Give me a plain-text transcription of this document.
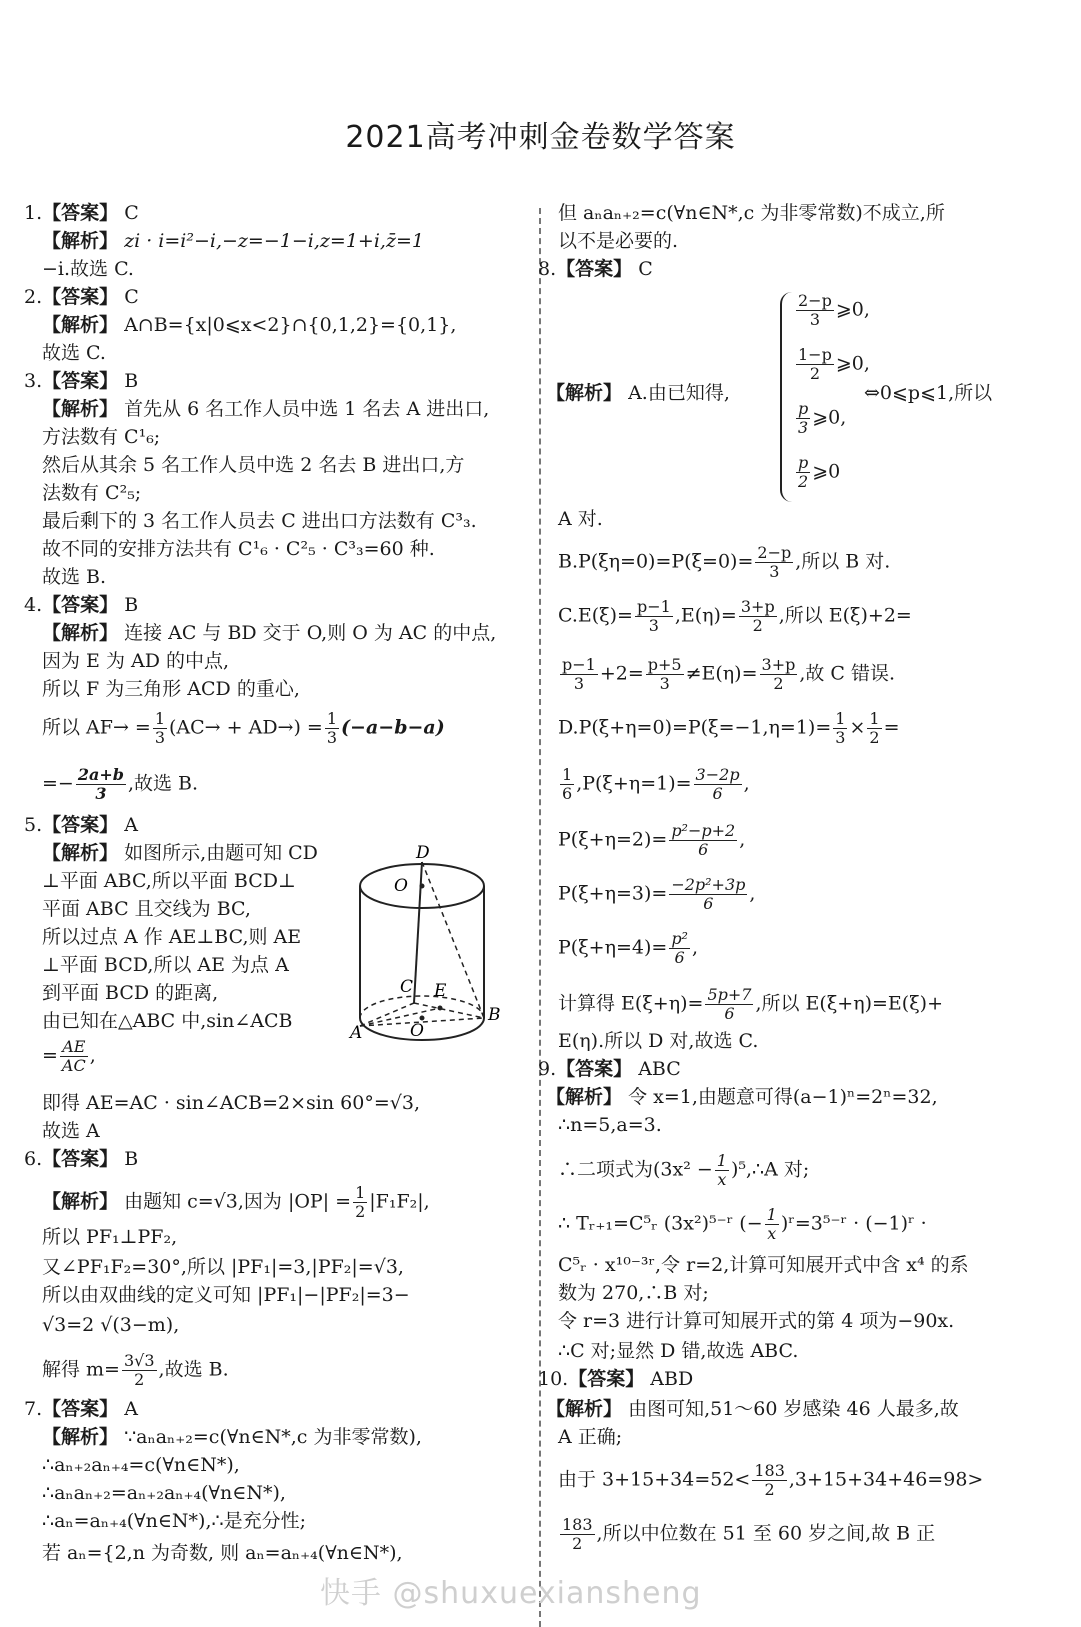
2021高考冲刺金卷数学答案
1.【答案】 C
【解析】 zi · i=i²−i,−z=−1−i,z=1+i,z̄=1
−i.故选 C.
2.【答案】 C
【解析】 A∩B={x|0⩽x<2}∩{0,1,2}={0,1},
故选 C.
3.【答案】 B
【解析】 首先从 6 名工作人员中选 1 名去 A 进出口,
方法数有 C¹₆;
然后从其余 5 名工作人员中选 2 名去 B 进出口,方
法数有 C²₅;
最后剩下的 3 名工作人员去 C 进出口方法数有 C³₃.
故不同的安排方法共有 C¹₆ · C²₅ · C³₃=60 种.
故选 B.
4.【答案】 B
【解析】 连接 AC 与 BD 交于 O,则 O 为 AC 的中点,
因为 E 为 AD 的中点,
所以 F 为三角形 ACD 的重心,
所以 $AF\to = \frac{1}{3} (AC\to + AD\to) = \frac{1}{3} (-a-b-a)$
=− $\frac{2a+b}{3}$ ,故选 B.
5.【答案】 A
【解析】 如图所示,由题可知 CD
⊥平面 ABC,所以平面 BCD⊥
平面 ABC 且交线为 BC,
所以过点 A 作 AE⊥BC,则 AE
⊥平面 BCD,所以 AE 为点 A
到平面 BCD 的距离,
由已知在△ABC 中,sin∠ACB
= $\frac{AE}{AC}$ ,
即得 AE=AC · sin∠ACB=2×sin 60°=√3,
故选 A
D
O
C E
B
A	O
6.【答案】 B
【解析】 由题知 c=√3,因为 $|OP| = \frac{1}{2} |F_1F_2|$,
所以 PF₁⊥PF₂,
又∠PF₁F₂=30°,所以 |PF₁|=3,|PF₂|=√3,
所以由双曲线的定义可知 |PF₁|−|PF₂|=3−
√3=2 √(3−m),
解得 $m= \frac{3√3}{2}$ ,故选 B.
7.【答案】 A
【解析】 ∵aₙaₙ₊₂=c(∀n∈N*,c 为非零常数),
∴aₙ₊₂aₙ₊₄=c(∀n∈N*),
∴aₙaₙ₊₂=aₙ₊₂aₙ₊₄(∀n∈N*),
∴aₙ=aₙ₊₄(∀n∈N*),∴是充分性;
若 aₙ={2,n 为奇数, 则 aₙ=aₙ₊₄(∀n∈N*),
但 aₙaₙ₊₂=c(∀n∈N*,c 为非零常数)不成立,所
以不是必要的.
8.【答案】 C
$\frac{2-p}{3}$ ⩾0,
$\frac{1-p}{2}$ ⩾0,
$\frac{p}{3}$ ⩾0,
$\frac{p}{2}$ ⩾0
【解析】 A.由已知得,	⇔0⩽p⩽1,所以
A 对.
$B.P(\xi\eta=0)=P(\xi=0)= \frac{2-p}{3}$ ,所以 B 对.
$C.E(\xi)= \frac{p-1}{3} ,E(\eta)= \frac{3+p}{2}$ ,所以 E(ξ)+2=
$\frac{p-1}{3} +2= \frac{p+5}{3} \ne E(\eta)= \frac{3+p}{2}$ ,故 C 错误.
$D.P(\xi+\eta=0)=P(\xi=-1,\eta=1)= \frac{1}{3} \times \frac{1}{2}$ =
$\frac{1}{6} ,P(\xi+\eta=1)= \frac{3-2p}{6}$ ,
$P(\xi+\eta=2)= \frac{\text{p²−p+2}}{6}$ ,
$P(\xi+\eta=3)= \frac{\text{−2p²+3p}}{6}$ ,
$P(\xi+\eta=4)= \frac{\text{p²}}{6}$ ,
计算得 $E(\xi+\eta)= \frac{5p+7}{6}$ ,所以 E(ξ+η)=E(ξ)+
E(η).所以 D 对,故选 C.
9.【答案】 ABC
【解析】 令 x=1,由题意可得(a−1)ⁿ=2ⁿ=32,
∴n=5,a=3.
∴二项式为($3x^2 - \frac{1}{x}$ )⁵,∴A 对;
∴ Tᵣ₊₁=C⁵ᵣ (3x²)⁵⁻ʳ (− $\frac{1}{x}$ )ʳ=3⁵⁻ʳ · (−1)ʳ ·
C⁵ᵣ · x¹⁰⁻³ʳ,令 r=2,计算可知展开式中含 x⁴ 的系
数为 270,∴B 对;
令 r=3 进行计算可知展开式的第 4 项为−90x.
∴C 对;显然 D 错,故选 ABC.
10.【答案】 ABD
【解析】 由图可知,51～60 岁感染 46 人最多,故
A 正确;
由于 $3+15+34=52< \frac{183}{2} ,3+15+34+46=98>$
$\frac{183}{2}$ ,所以中位数在 51 至 60 岁之间,故 B 正
快手 @shuxuexiansheng
